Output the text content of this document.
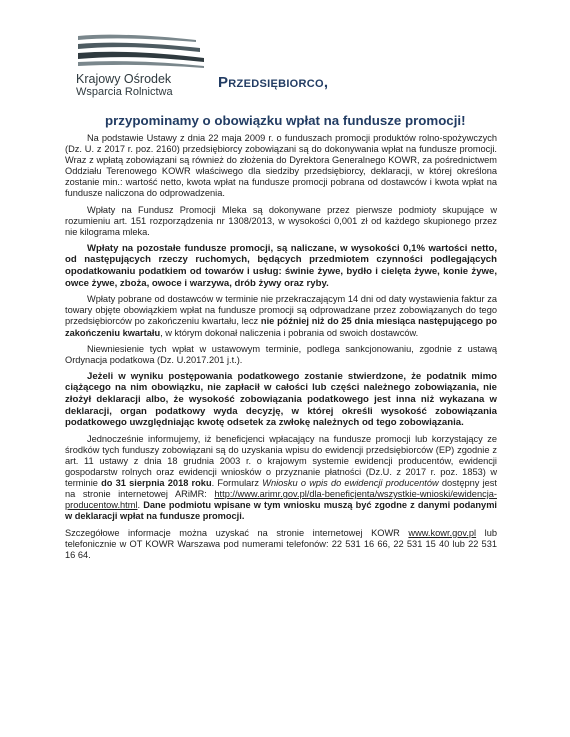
Krajowy Ośrodek
Wsparcia Rolnictwa
Przedsiębiorco,
przypominamy o obowiązku wpłat na fundusze promocji!

Na podstawie Ustawy z dnia 22 maja 2009 r. o funduszach promocji produktów rolno-spożywczych (Dz. U. z 2017 r. poz. 2160) przedsiębiorcy zobowiązani są do dokonywania wpłat na fundusze promocji. Wraz z wpłatą zobowiązani są również do złożenia do Dyrektora Generalnego KOWR, za pośrednictwem Oddziału Terenowego KOWR właściwego dla siedziby przedsiębiorcy, deklaracji, w której określona zostanie min.: wartość netto, kwota wpłat na fundusze promocji pobrana od dostawców i kwota wpłat na fundusze naliczona do odprowadzenia.

Wpłaty na Fundusz Promocji Mleka są dokonywane przez pierwsze podmioty skupujące w rozumieniu art. 151 rozporządzenia nr 1308/2013, w wysokości 0,001 zł od każdego skupionego przez nie kilograma mleka.

Wpłaty na pozostałe fundusze promocji, są naliczane, w wysokości 0,1% wartości netto, od następujących rzeczy ruchomych, będących przedmiotem czynności podlegających opodatkowaniu podatkiem od towarów i usług: świnie żywe, bydło i cielęta żywe, konie żywe, owce żywe, zboża, owoce i warzywa, drób żywy oraz ryby.

Wpłaty pobrane od dostawców w terminie nie przekraczającym 14 dni od daty wystawienia faktur za towary objęte obowiązkiem wpłat na fundusze promocji są odprowadzane przez zobowiązanych do tego przedsiębiorców po zakończeniu kwartału, lecz nie później niż do 25 dnia miesiąca następującego po zakończeniu kwartału, w którym dokonał naliczenia i pobrania od swoich dostawców.

Niewniesienie tych wpłat w ustawowym terminie, podlega sankcjonowaniu, zgodnie z ustawą Ordynacja podatkowa (Dz. U.2017.201 j.t.).

Jeżeli w wyniku postępowania podatkowego zostanie stwierdzone, że podatnik mimo ciążącego na nim obowiązku, nie zapłacił w całości lub części należnego zobowiązania, nie złożył deklaracji albo, że wysokość zobowiązania podatkowego jest inna niż wykazana w deklaracji, organ podatkowy wyda decyzję, w której określi wysokość zobowiązania podatkowego uwzględniając kwotę odsetek za zwłokę należnych od tego zobowiązania.

Jednocześnie informujemy, iż beneficjenci wpłacający na fundusze promocji lub korzystający ze środków tych funduszy zobowiązani są do uzyskania wpisu do ewidencji przedsiębiorców (EP) zgodnie z art. 11 ustawy z dnia 18 grudnia 2003 r. o krajowym systemie ewidencji producentów, ewidencji gospodarstw rolnych oraz ewidencji wniosków o przyznanie płatności (Dz.U. z 2017 r. poz. 1853) w terminie do 31 sierpnia 2018 roku. Formularz Wniosku o wpis do ewidencji producentów dostępny jest na stronie internetowej ARiMR: http://www.arimr.gov.pl/dla-beneficjenta/wszystkie-wnioski/ewidencja-producentow.html. Dane podmiotu wpisane w tym wniosku muszą być zgodne z danymi podanymi w deklaracji wpłat na fundusze promocji.

Szczegółowe informacje można uzyskać na stronie internetowej KOWR www.kowr.gov.pl lub telefonicznie w OT KOWR Warszawa pod numerami telefonów: 22 531 16 66, 22 531 15 40 lub 22 531 16 64.
